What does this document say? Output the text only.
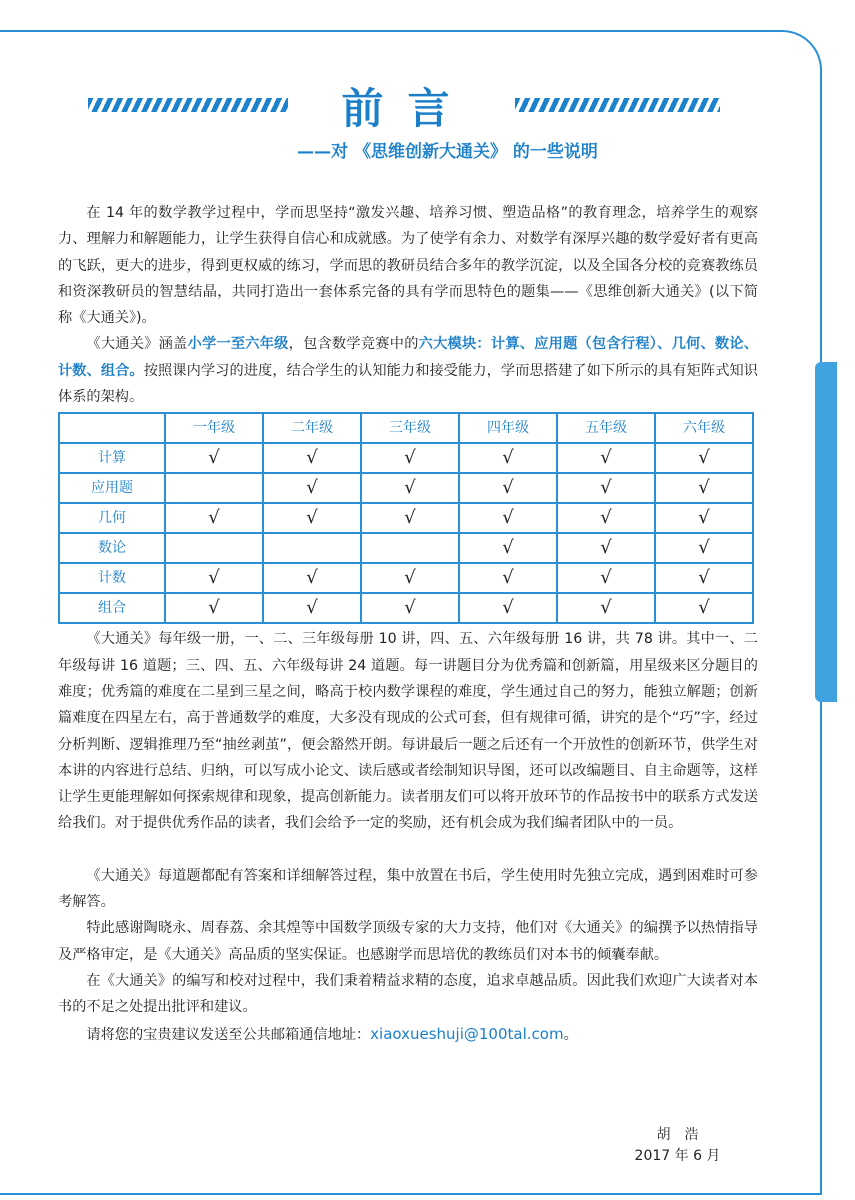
前言
——对 《思维创新大通关》 的一些说明

在 14 年的数学教学过程中，学而思坚持“激发兴趣、培养习惯、塑造品格”的教育理念，培养学生的观察力、理解力和解题能力，让学生获得自信心和成就感。为了使学有余力、对数学有深厚兴趣的数学爱好者有更高的飞跃，更大的进步，得到更权威的练习，学而思的教研员结合多年的教学沉淀，以及全国各分校的竞赛教练员和资深教研员的智慧结晶，共同打造出一套体系完备的具有学而思特色的题集——《思维创新大通关》(以下简称《大通关》)。

《大通关》涵盖小学一至六年级，包含数学竞赛中的六大模块：计算、应用题（包含行程）、几何、数论、计数、组合。按照课内学习的进度，结合学生的认知能力和接受能力，学而思搭建了如下所示的具有矩阵式知识体系的架构。

	一年级	二年级	三年级	四年级	五年级	六年级
计算	√	√	√	√	√	√
应用题		√	√	√	√	√
几何	√	√	√	√	√	√
数论				√	√	√
计数	√	√	√	√	√	√
组合	√	√	√	√	√	√

《大通关》每年级一册，一、二、三年级每册 10 讲，四、五、六年级每册 16 讲，共 78 讲。其中一、二年级每讲 16 道题；三、四、五、六年级每讲 24 道题。每一讲题目分为优秀篇和创新篇，用星级来区分题目的难度；优秀篇的难度在二星到三星之间，略高于校内数学课程的难度，学生通过自己的努力，能独立解题；创新篇难度在四星左右，高于普通数学的难度，大多没有现成的公式可套，但有规律可循，讲究的是个“巧”字，经过分析判断、逻辑推理乃至“抽丝剥茧”，便会豁然开朗。每讲最后一题之后还有一个开放性的创新环节，供学生对本讲的内容进行总结、归纳，可以写成小论文、读后感或者绘制知识导图，还可以改编题目、自主命题等，这样让学生更能理解如何探索规律和现象，提高创新能力。读者朋友们可以将开放环节的作品按书中的联系方式发送给我们。对于提供优秀作品的读者，我们会给予一定的奖励，还有机会成为我们编者团队中的一员。

《大通关》每道题都配有答案和详细解答过程，集中放置在书后，学生使用时先独立完成，遇到困难时可参考解答。

特此感谢陶晓永、周春荔、余其煌等中国数学顶级专家的大力支持，他们对《大通关》的编撰予以热情指导及严格审定，是《大通关》高品质的坚实保证。也感谢学而思培优的教练员们对本书的倾囊奉献。

在《大通关》的编写和校对过程中，我们秉着精益求精的态度，追求卓越品质。因此我们欢迎广大读者对本书的不足之处提出批评和建议。

请将您的宝贵建议发送至公共邮箱通信地址：xiaoxueshuji@100tal.com。

胡　浩
2017 年 6 月
